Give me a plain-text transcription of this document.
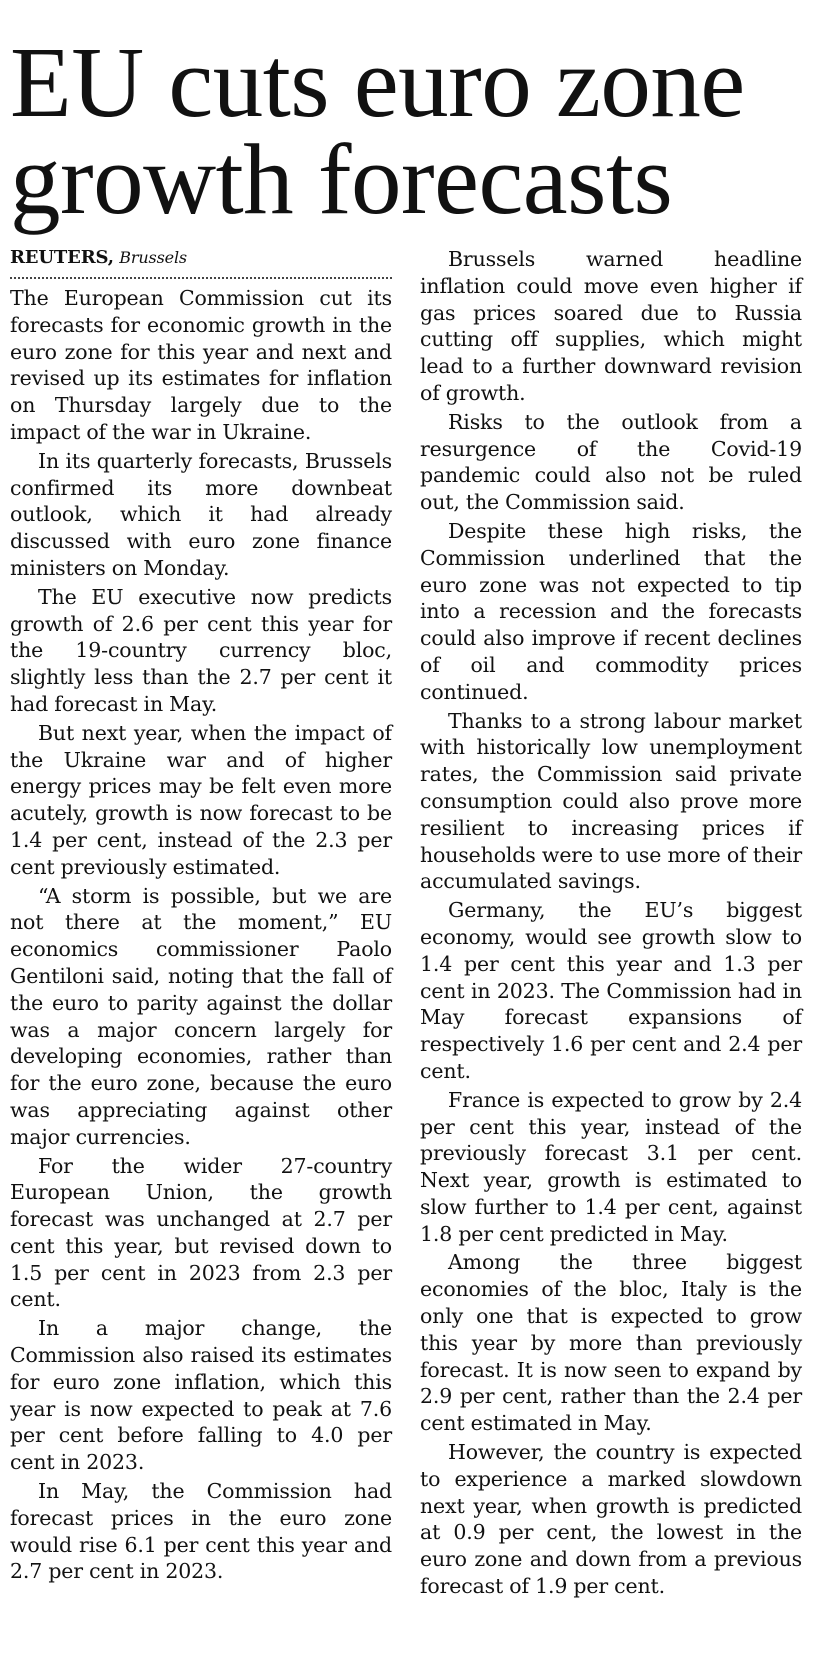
EU cuts euro zone growth forecasts
REUTERS, Brussels

The European Commission cut its forecasts for economic growth in the euro zone for this year and next and revised up its estimates for inflation on Thursday largely due to the impact of the war in Ukraine.

In its quarterly forecasts, Brussels confirmed its more downbeat outlook, which it had already discussed with euro zone finance ministers on Monday.

The EU executive now predicts growth of 2.6 per cent this year for the 19-country currency bloc, slightly less than the 2.7 per cent it had forecast in May.

But next year, when the impact of the Ukraine war and of higher energy prices may be felt even more acutely, growth is now forecast to be 1.4 per cent, instead of the 2.3 per cent previously estimated.

“A storm is possible, but we are not there at the moment,” EU economics commissioner Paolo Gentiloni said, noting that the fall of the euro to parity against the dollar was a major concern largely for developing economies, rather than for the euro zone, because the euro was appreciating against other major currencies.

For the wider 27-country European Union, the growth forecast was unchanged at 2.7 per cent this year, but revised down to 1.5 per cent in 2023 from 2.3 per cent.

In a major change, the Commission also raised its estimates for euro zone inflation, which this year is now expected to peak at 7.6 per cent before falling to 4.0 per cent in 2023.

In May, the Commission had forecast prices in the euro zone would rise 6.1 per cent this year and 2.7 per cent in 2023.

Brussels warned headline inflation could move even higher if gas prices soared due to Russia cutting off supplies, which might lead to a further downward revision of growth.

Risks to the outlook from a resurgence of the Covid-19 pandemic could also not be ruled out, the Commission said.

Despite these high risks, the Commission underlined that the euro zone was not expected to tip into a recession and the forecasts could also improve if recent declines of oil and commodity prices continued.

Thanks to a strong labour market with historically low unemployment rates, the Commission said private consumption could also prove more resilient to increasing prices if households were to use more of their accumulated savings.

Germany, the EU’s biggest economy, would see growth slow to 1.4 per cent this year and 1.3 per cent in 2023. The Commission had in May forecast expansions of respectively 1.6 per cent and 2.4 per cent.

France is expected to grow by 2.4 per cent this year, instead of the previously forecast 3.1 per cent. Next year, growth is estimated to slow further to 1.4 per cent, against 1.8 per cent predicted in May.

Among the three biggest economies of the bloc, Italy is the only one that is expected to grow this year by more than previously forecast. It is now seen to expand by 2.9 per cent, rather than the 2.4 per cent estimated in May.

However, the country is expected to experience a marked slowdown next year, when growth is predicted at 0.9 per cent, the lowest in the euro zone and down from a previous forecast of 1.9 per cent.
